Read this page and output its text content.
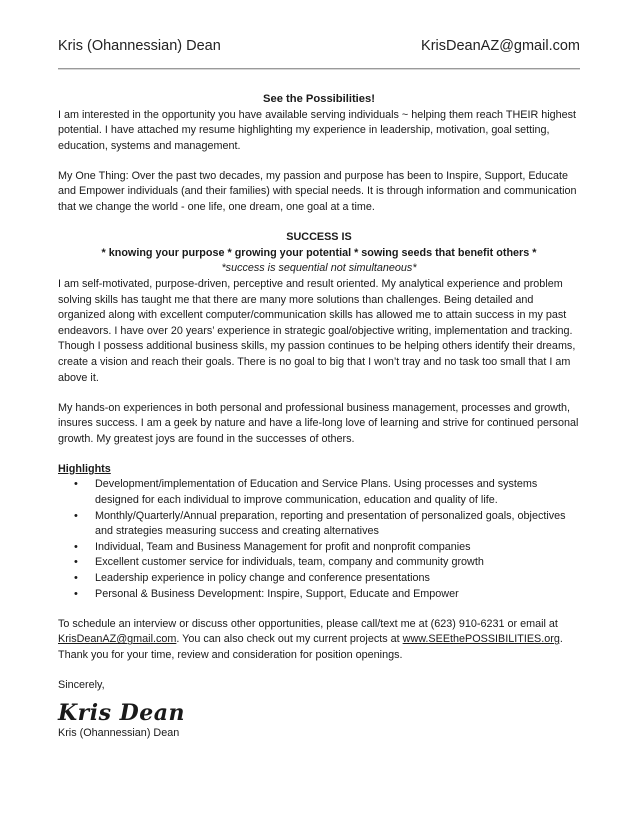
Kris (Ohannessian) Dean	KrisDeanAZ@gmail.com

See the Possibilities!

I am interested in the opportunity you have available serving individuals ~ helping them reach THEIR highest potential. I have attached my resume highlighting my experience in leadership, motivation, goal setting, education, systems and management.

My One Thing: Over the past two decades, my passion and purpose has been to Inspire, Support, Educate and Empower individuals (and their families) with special needs. It is through information and communication that we change the world - one life, one dream, one goal at a time.

SUCCESS IS

* knowing your purpose * growing your potential * sowing seeds that benefit others *

*success is sequential not simultaneous*

I am self-motivated, purpose-driven, perceptive and result oriented. My analytical experience and problem solving skills has taught me that there are many more solutions than challenges. Being detailed and organized along with excellent computer/communication skills has allowed me to attain success in my past endeavors. I have over 20 years’ experience in strategic goal/objective writing, implementation and tracking. Though I possess additional business skills, my passion continues to be helping others identify their dreams, create a vision and reach their goals. There is no goal to big that I won’t tray and no task too small that I am above it.

My hands-on experiences in both personal and professional business management, processes and growth, insures success. I am a geek by nature and have a life-long love of learning and strive for continued personal growth. My greatest joys are found in the successes of others.

Highlights

• Development/implementation of Education and Service Plans. Using processes and systems designed for each individual to improve communication, education and quality of life.
• Monthly/Quarterly/Annual preparation, reporting and presentation of personalized goals, objectives and strategies measuring success and creating alternatives
• Individual, Team and Business Management for profit and nonprofit companies
• Excellent customer service for individuals, team, company and community growth
• Leadership experience in policy change and conference presentations
• Personal & Business Development: Inspire, Support, Educate and Empower

To schedule an interview or discuss other opportunities, please call/text me at (623) 910-6231 or email at KrisDeanAZ@gmail.com. You can also check out my current projects at www.SEEthePOSSIBILITIES.org. Thank you for your time, review and consideration for position openings.

Sincerely,

Kris Dean

Kris (Ohannessian) Dean
